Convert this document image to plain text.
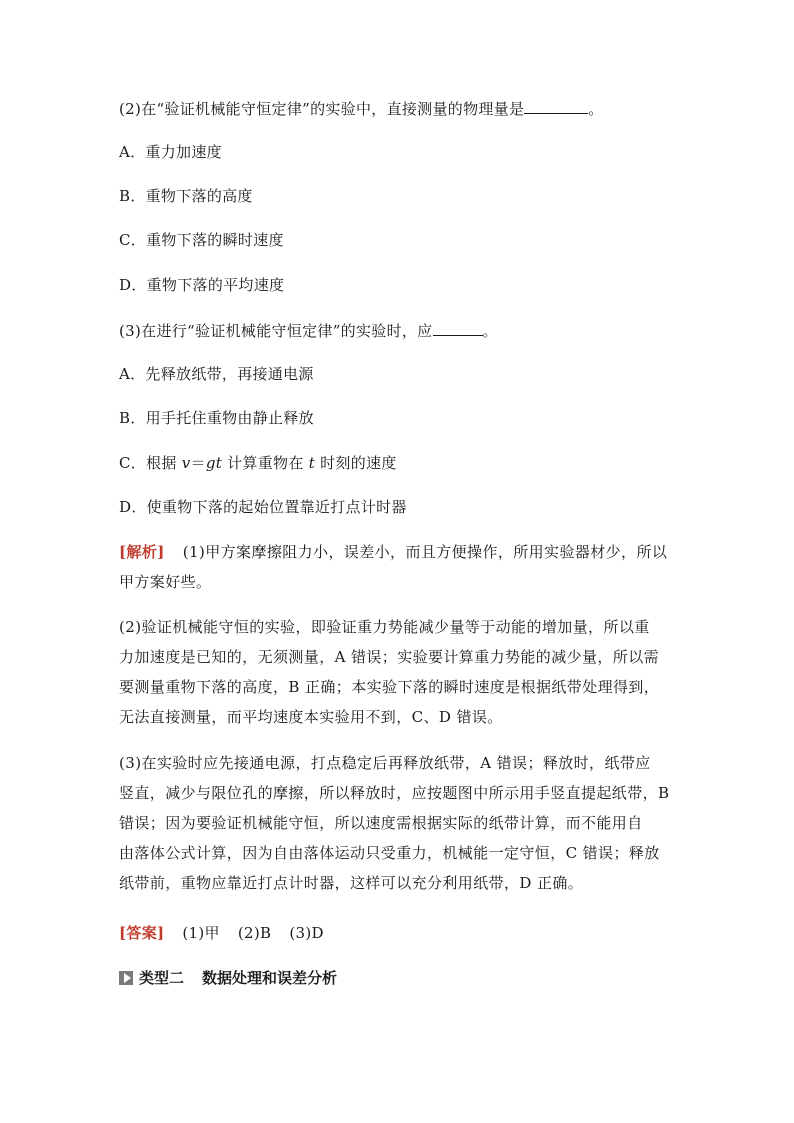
(2)在“验证机械能守恒定律”的实验中，直接测量的物理量是	。
A．重力加速度
B．重物下落的高度
C．重物下落的瞬时速度
D．重物下落的平均速度
(3)在进行“验证机械能守恒定律”的实验时，应	。
A．先释放纸带，再接通电源
B．用手托住重物由静止释放
C．根据 v＝gt 计算重物在 t 时刻的速度
D．使重物下落的起始位置靠近打点计时器
[解析] (1)甲方案摩擦阻力小，误差小，而且方便操作，所用实验器材少，所以
甲方案好些。
(2)验证机械能守恒的实验，即验证重力势能减少量等于动能的增加量，所以重
力加速度是已知的，无须测量，A 错误；实验要计算重力势能的减少量，所以需
要测量重物下落的高度，B 正确；本实验下落的瞬时速度是根据纸带处理得到，
无法直接测量，而平均速度本实验用不到，C、D 错误。
(3)在实验时应先接通电源，打点稳定后再释放纸带，A 错误；释放时，纸带应
竖直，减少与限位孔的摩擦，所以释放时，应按题图中所示用手竖直提起纸带，B
错误；因为要验证机械能守恒，所以速度需根据实际的纸带计算，而不能用自
由落体公式计算，因为自由落体运动只受重力，机械能一定守恒，C 错误；释放
纸带前，重物应靠近打点计时器，这样可以充分利用纸带，D 正确。
[答案] (1)甲 (2)B (3)D
类型二 数据处理和误差分析
